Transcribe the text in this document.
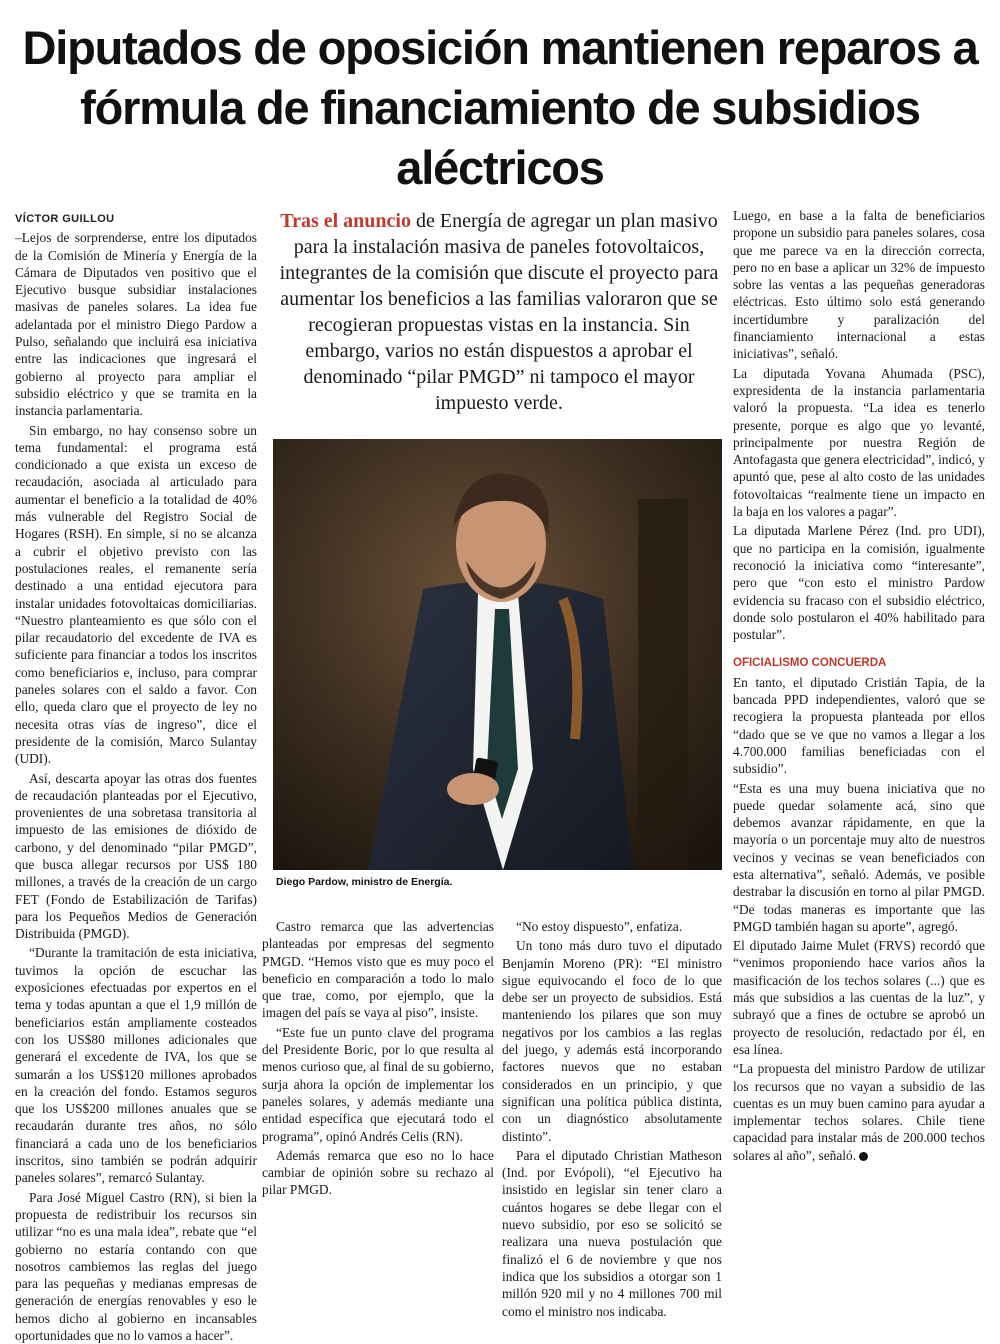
Diputados de oposición mantienen reparos a fórmula de financiamiento de subsidios aléctricos
VÍCTOR GUILLOU

–Lejos de sorprenderse, entre los diputados de la Comisión de Minería y Energía de la Cámara de Diputados ven positivo que el Ejecutivo busque subsidiar instalaciones masivas de paneles solares. La idea fue adelantada por el ministro Diego Pardow a Pulso, señalando que incluirá esa iniciativa entre las indicaciones que ingresará el gobierno al proyecto para ampliar el subsidio eléctrico y que se tramita en la instancia parlamentaria.

Sin embargo, no hay consenso sobre un tema fundamental: el programa está condicionado a que exista un exceso de recaudación, asociada al articulado para aumentar el beneficio a la totalidad de 40% más vulnerable del Registro Social de Hogares (RSH). En simple, si no se alcanza a cubrir el objetivo previsto con las postulaciones reales, el remanente sería destinado a una entidad ejecutora para instalar unidades fotovoltaicas domiciliarias. “Nuestro planteamiento es que sólo con el pilar recaudatorio del excedente de IVA es suficiente para financiar a todos los inscritos como beneficiarios e, incluso, para comprar paneles solares con el saldo a favor. Con ello, queda claro que el proyecto de ley no necesita otras vías de ingreso”, dice el presidente de la comisión, Marco Sulantay (UDI).

Así, descarta apoyar las otras dos fuentes de recaudación planteadas por el Ejecutivo, provenientes de una sobretasa transitoria al impuesto de las emisiones de dióxido de carbono, y del denominado “pilar PMGD”, que busca allegar recursos por US$ 180 millones, a través de la creación de un cargo FET (Fondo de Estabilización de Tarifas) para los Pequeños Medios de Generación Distribuida (PMGD).

“Durante la tramitación de esta iniciativa, tuvimos la opción de escuchar las exposiciones efectuadas por expertos en el tema y todas apuntan a que el 1,9 millón de beneficiarios están ampliamente costeados con los US$80 millones adicionales que generará el excedente de IVA, los que se sumarán a los US$120 millones aprobados en la creación del fondo. Estamos seguros que los US$200 millones anuales que se recaudarán durante tres años, no sólo financiará a cada uno de los beneficiarios inscritos, sino también se podrán adquirir paneles solares”, remarcó Sulantay.

Para José Miguel Castro (RN), si bien la propuesta de redistribuir los recursos sin utilizar “no es una mala idea”, rebate que “el gobierno no estaría contando con que nosotros cambiemos las reglas del juego para las pequeñas y medianas empresas de generación de energías renovables y eso le hemos dicho al gobierno en incansables oportunidades que no lo vamos a hacer”.

Tras el anuncio de Energía de agregar un plan masivo para la instalación masiva de paneles fotovoltaicos, integrantes de la comisión que discute el proyecto para aumentar los beneficios a las familias valoraron que se recogieran propuestas vistas en la instancia. Sin embargo, varios no están dispuestos a aprobar el denominado “pilar PMGD” ni tampoco el mayor impuesto verde.
Diego Pardow, ministro de Energía.

Castro remarca que las advertencias planteadas por empresas del segmento PMGD. “Hemos visto que es muy poco el beneficio en comparación a todo lo malo que trae, como, por ejemplo, que la imagen del país se vaya al piso”, insiste.

“Este fue un punto clave del programa del Presidente Boric, por lo que resulta al menos curioso que, al final de su gobierno, surja ahora la opción de implementar los paneles solares, y además mediante una entidad específica que ejecutará todo el programa”, opinó Andrés Celis (RN).

Además remarca que eso no lo hace cambiar de opinión sobre su rechazo al pilar PMGD.

“No estoy dispuesto”, enfatiza.

Un tono más duro tuvo el diputado Benjamín Moreno (PR): “El ministro sigue equivocando el foco de lo que debe ser un proyecto de subsidios. Está manteniendo los pilares que son muy negativos por los cambios a las reglas del juego, y además está incorporando factores nuevos que no estaban considerados en un principio, y que significan una política pública distinta, con un diagnóstico absolutamente distinto”.

Para el diputado Christian Matheson (Ind. por Evópoli), “el Ejecutivo ha insistido en legislar sin tener claro a cuántos hogares se debe llegar con el nuevo subsidio, por eso se solicitó se realizara una nueva postulación que finalizó el 6 de noviembre y que nos indica que los subsidios a otorgar son 1 millón 920 mil y no 4 millones 700 mil como el ministro nos indicaba.

Luego, en base a la falta de beneficiarios propone un subsidio para paneles solares, cosa que me parece va en la dirección correcta, pero no en base a aplicar un 32% de impuesto sobre las ventas a las pequeñas generadoras eléctricas. Esto último solo está generando incertidumbre y paralización del financiamiento internacional a estas iniciativas”, señaló.

La diputada Yovana Ahumada (PSC), expresidenta de la instancia parlamentaria valoró la propuesta. “La idea es tenerlo presente, porque es algo que yo levanté, principalmente por nuestra Región de Antofagasta que genera electricidad”, indicó, y apuntó que, pese al alto costo de las unidades fotovoltaicas “realmente tiene un impacto en la baja en los valores a pagar”.

La diputada Marlene Pérez (Ind. pro UDI), que no participa en la comisión, igualmente reconoció la iniciativa como “interesante”, pero que “con esto el ministro Pardow evidencia su fracaso con el subsidio eléctrico, donde solo postularon el 40% habilitado para postular”.

OFICIALISMO CONCUERDA

En tanto, el diputado Cristián Tapia, de la bancada PPD independientes, valoró que se recogiera la propuesta planteada por ellos “dado que se ve que no vamos a llegar a los 4.700.000 familias beneficiadas con el subsidio”.

“Esta es una muy buena iniciativa que no puede quedar solamente acá, sino que debemos avanzar rápidamente, en que la mayoría o un porcentaje muy alto de nuestros vecinos y vecinas se vean beneficiados con esta alternativa”, señaló. Además, ve posible destrabar la discusión en torno al pilar PMGD. “De todas maneras es importante que las PMGD también hagan su aporte”, agregó.

El diputado Jaime Mulet (FRVS) recordó que “venimos proponiendo hace varios años la masificación de los techos solares (...) que es más que subsidios a las cuentas de la luz”, y subrayó que a fines de octubre se aprobó un proyecto de resolución, redactado por él, en esa línea.

“La propuesta del ministro Pardow de utilizar los recursos que no vayan a subsidio de las cuentas es un muy buen camino para ayudar a implementar techos solares. Chile tiene capacidad para instalar más de 200.000 techos solares al año”, señaló.
